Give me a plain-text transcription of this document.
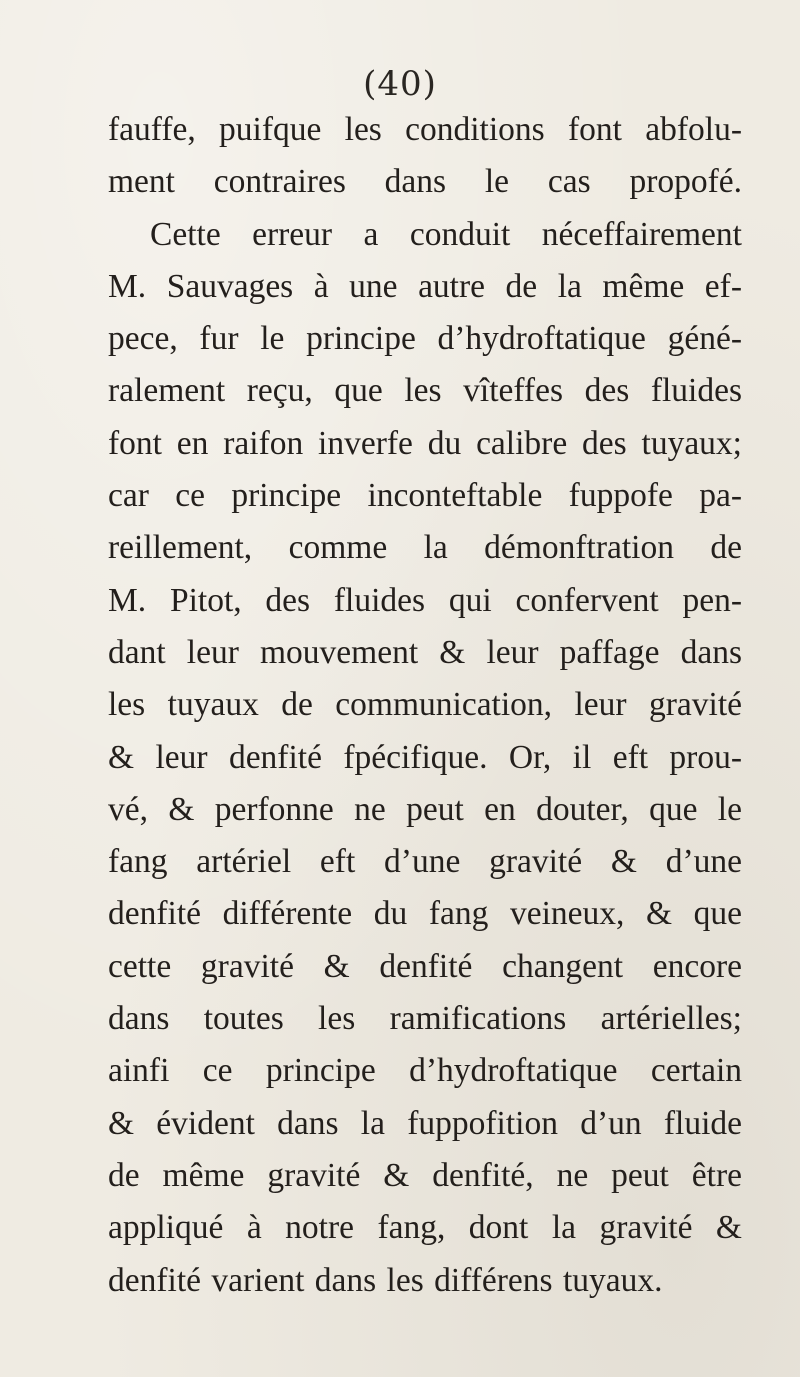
(40)
fauffe, puifque les conditions font abfolu-
ment contraires dans le cas propofé.
Cette erreur a conduit néceffairement
M. Sauvages à une autre de la même ef-
pece, fur le principe d’hydroftatique géné-
ralement reçu, que les vîteffes des fluides
font en raifon inverfe du calibre des tuyaux;
car ce principe inconteftable fuppofe pa-
reillement, comme la démonftration de
M. Pitot, des fluides qui confervent pen-
dant leur mouvement & leur paffage dans
les tuyaux de communication, leur gravité
& leur denfité fpécifique. Or, il eft prou-
vé, & perfonne ne peut en douter, que le
fang artériel eft d’une gravité & d’une
denfité différente du fang veineux, & que
cette gravité & denfité changent encore
dans toutes les ramifications artérielles;
ainfi ce principe d’hydroftatique certain
& évident dans la fuppofition d’un fluide
de même gravité & denfité, ne peut être
appliqué à notre fang, dont la gravité &
denfité varient dans les différens tuyaux.
